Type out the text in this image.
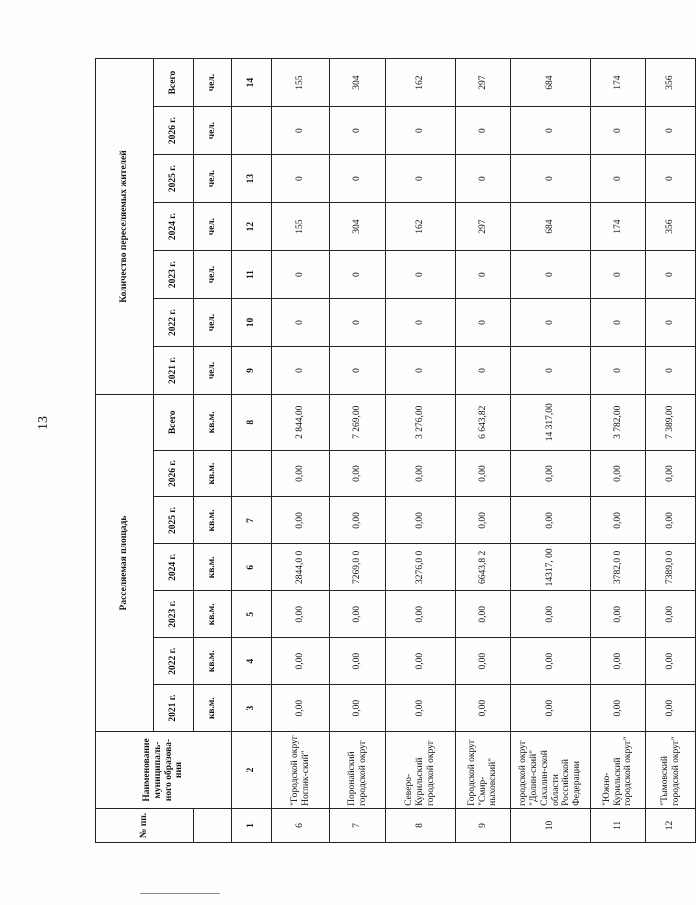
13
№ пп.	Наименование муниципаль-ного образова-ния	Расселяемая площадь							Количество переселяемых жителей						
		2021 г.	2022 г.	2023 г.	2024 г.	2025 г.	2026 г.	Всего	2021 г.	2022 г.	2023 г.	2024 г.	2025 г.	2026 г.	Всего
		кв.м.	кв.м.	кв.м.	кв.м.	кв.м.	кв.м.	кв.м.	чел.	чел.	чел.	чел.	чел.	чел.	чел.
1	2	3	4	5	6	7		8	9	10	11	12	13		14
6	"Городской округ Ноглик-ский"	0,00	0,00	0,00	2844,0 0	0,00	0,00	2 844,00	0	0	0	155	0	0	155
7	Поронайский городской округ	0,00	0,00	0,00	7269,0 0	0,00	0,00	7 269,00	0	0	0	304	0	0	304
8	Северо-Курильский городской округ	0,00	0,00	0,00	3276,0 0	0,00	0,00	3 276,00	0	0	0	162	0	0	162
9	Городской округ "Смир-ныховский"	0,00	0,00	0,00	6643,8 2	0,00	0,00	6 643,82	0	0	0	297	0	0	297
10	городской округ "Долин-ский" Сахалин-ской области Российской Федерации	0,00	0,00	0,00	14317, 00	0,00	0,00	14 317,00	0	0	0	684	0	0	684
11	"Южно-Курильский городской округ"	0,00	0,00	0,00	3782,0 0	0,00	0,00	3 782,00	0	0	0	174	0	0	174
12	"Тымовский городской округ"	0,00	0,00	0,00	7389,0 0	0,00	0,00	7 389,00	0	0	0	356	0	0	356
